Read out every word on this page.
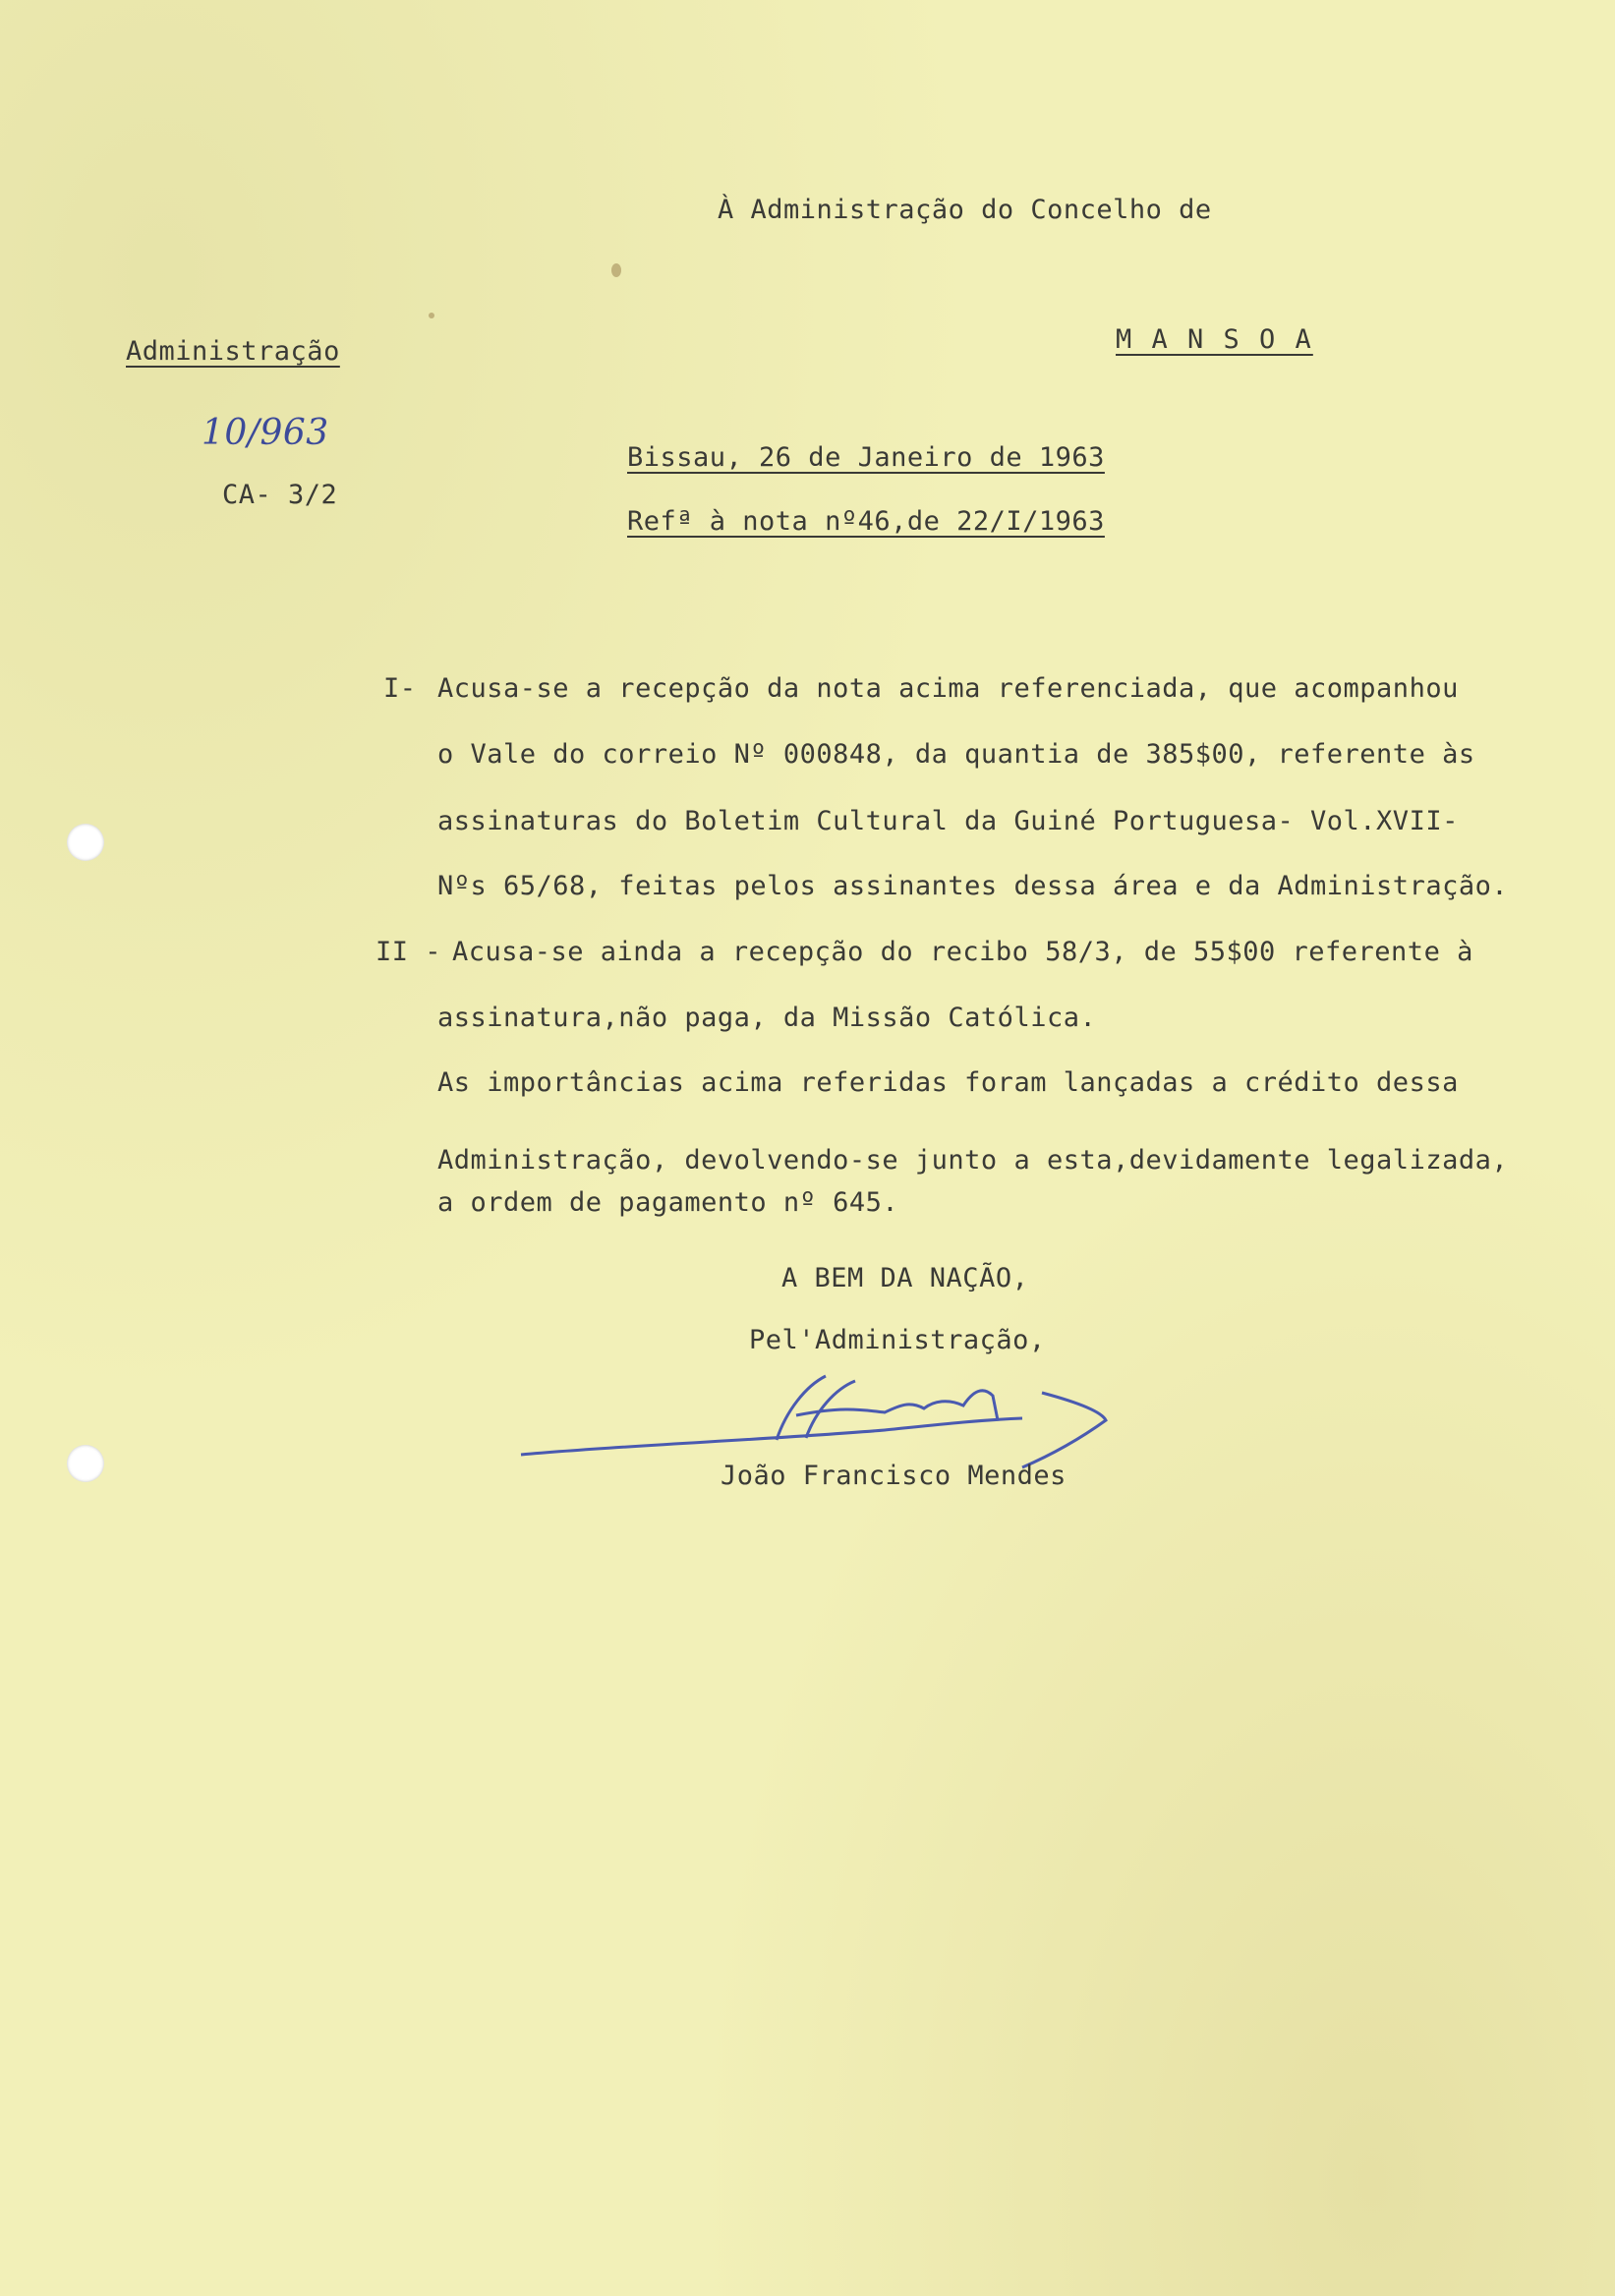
À Administração do Concelho de
Administração	M A N S O A
10/963
CA- 3/2
Bissau, 26 de Janeiro de 1963
Refª à nota nº46,de 22/I/1963
I- Acusa-se a recepção da nota acima referenciada, que acompanhou
o Vale do correio Nº 000848, da quantia de 385$00, referente às
assinaturas do Boletim Cultural da Guiné Portuguesa- Vol.XVII-
Nºs 65/68, feitas pelos assinantes dessa área e da Administração.
II - Acusa-se ainda a recepção do recibo 58/3, de 55$00 referente à
assinatura,não paga, da Missão Católica.
As importâncias acima referidas foram lançadas a crédito dessa
Administração, devolvendo-se junto a esta,devidamente legalizada,
a ordem de pagamento nº 645.
A BEM DA NAÇÃO,
Pel'Administração,
João Francisco Mendes
